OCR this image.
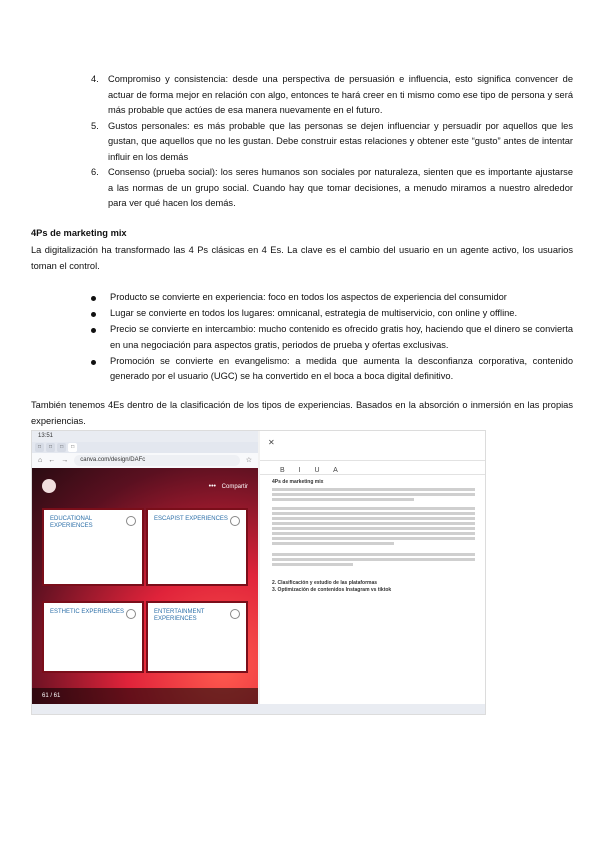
4. Compromiso y consistencia: desde una perspectiva de persuasión e influencia, esto significa convencer de actuar de forma mejor en relación con algo, entonces te hará creer en ti mismo como ese tipo de persona y será más probable que actúes de esa manera nuevamente en el futuro.
5. Gustos personales: es más probable que las personas se dejen influenciar y persuadir por aquellos que les gustan, que aquellos que no les gustan. Debe construir estas relaciones y obtener este “gusto” antes de intentar influir en los demás
6. Consenso (prueba social): los seres humanos son sociales por naturaleza, sienten que es importante ajustarse a las normas de un grupo social. Cuando hay que tomar decisiones, a menudo miramos a nuestro alrededor para ver qué hacen los demás.
4Ps de marketing mix
La digitalización ha transformado las 4 Ps clásicas en 4 Es. La clave es el cambio del usuario en un agente activo, los usuarios toman el control.
Producto se convierte en experiencia: foco en todos los aspectos de experiencia del consumidor
Lugar se convierte en todos los lugares: omnicanal, estrategia de multiservicio, con online y offline.
Precio se convierte en intercambio: mucho contenido es ofrecido gratis hoy, haciendo que el dinero se convierta en una negociación para aspectos gratis, periodos de prueba y ofertas exclusivas.
Promoción se convierte en evangelismo: a medida que aumenta la desconfianza corporativa, contenido generado por el usuario (UGC) se ha convertido en el boca a boca digital definitivo.
También tenemos 4Es dentro de la clasificación de los tipos de experiencias. Basados en la absorción o inmersión en las propias experiencias.
13:51
□	□	□	□
⌂ ← →	canva.com/design/DAFc	☆
••• Compartir
EDUCATIONAL EXPERIENCES
ESCAPIST EXPERIENCES
ESTHETIC EXPERIENCES	ENTERTAINMENT EXPERIENCES
61 / 61
✕
B I U A
4Ps de marketing mix
2. Clasificación y estudio de las plataformas
3. Optimización de contenidos Instagram vs tiktok
